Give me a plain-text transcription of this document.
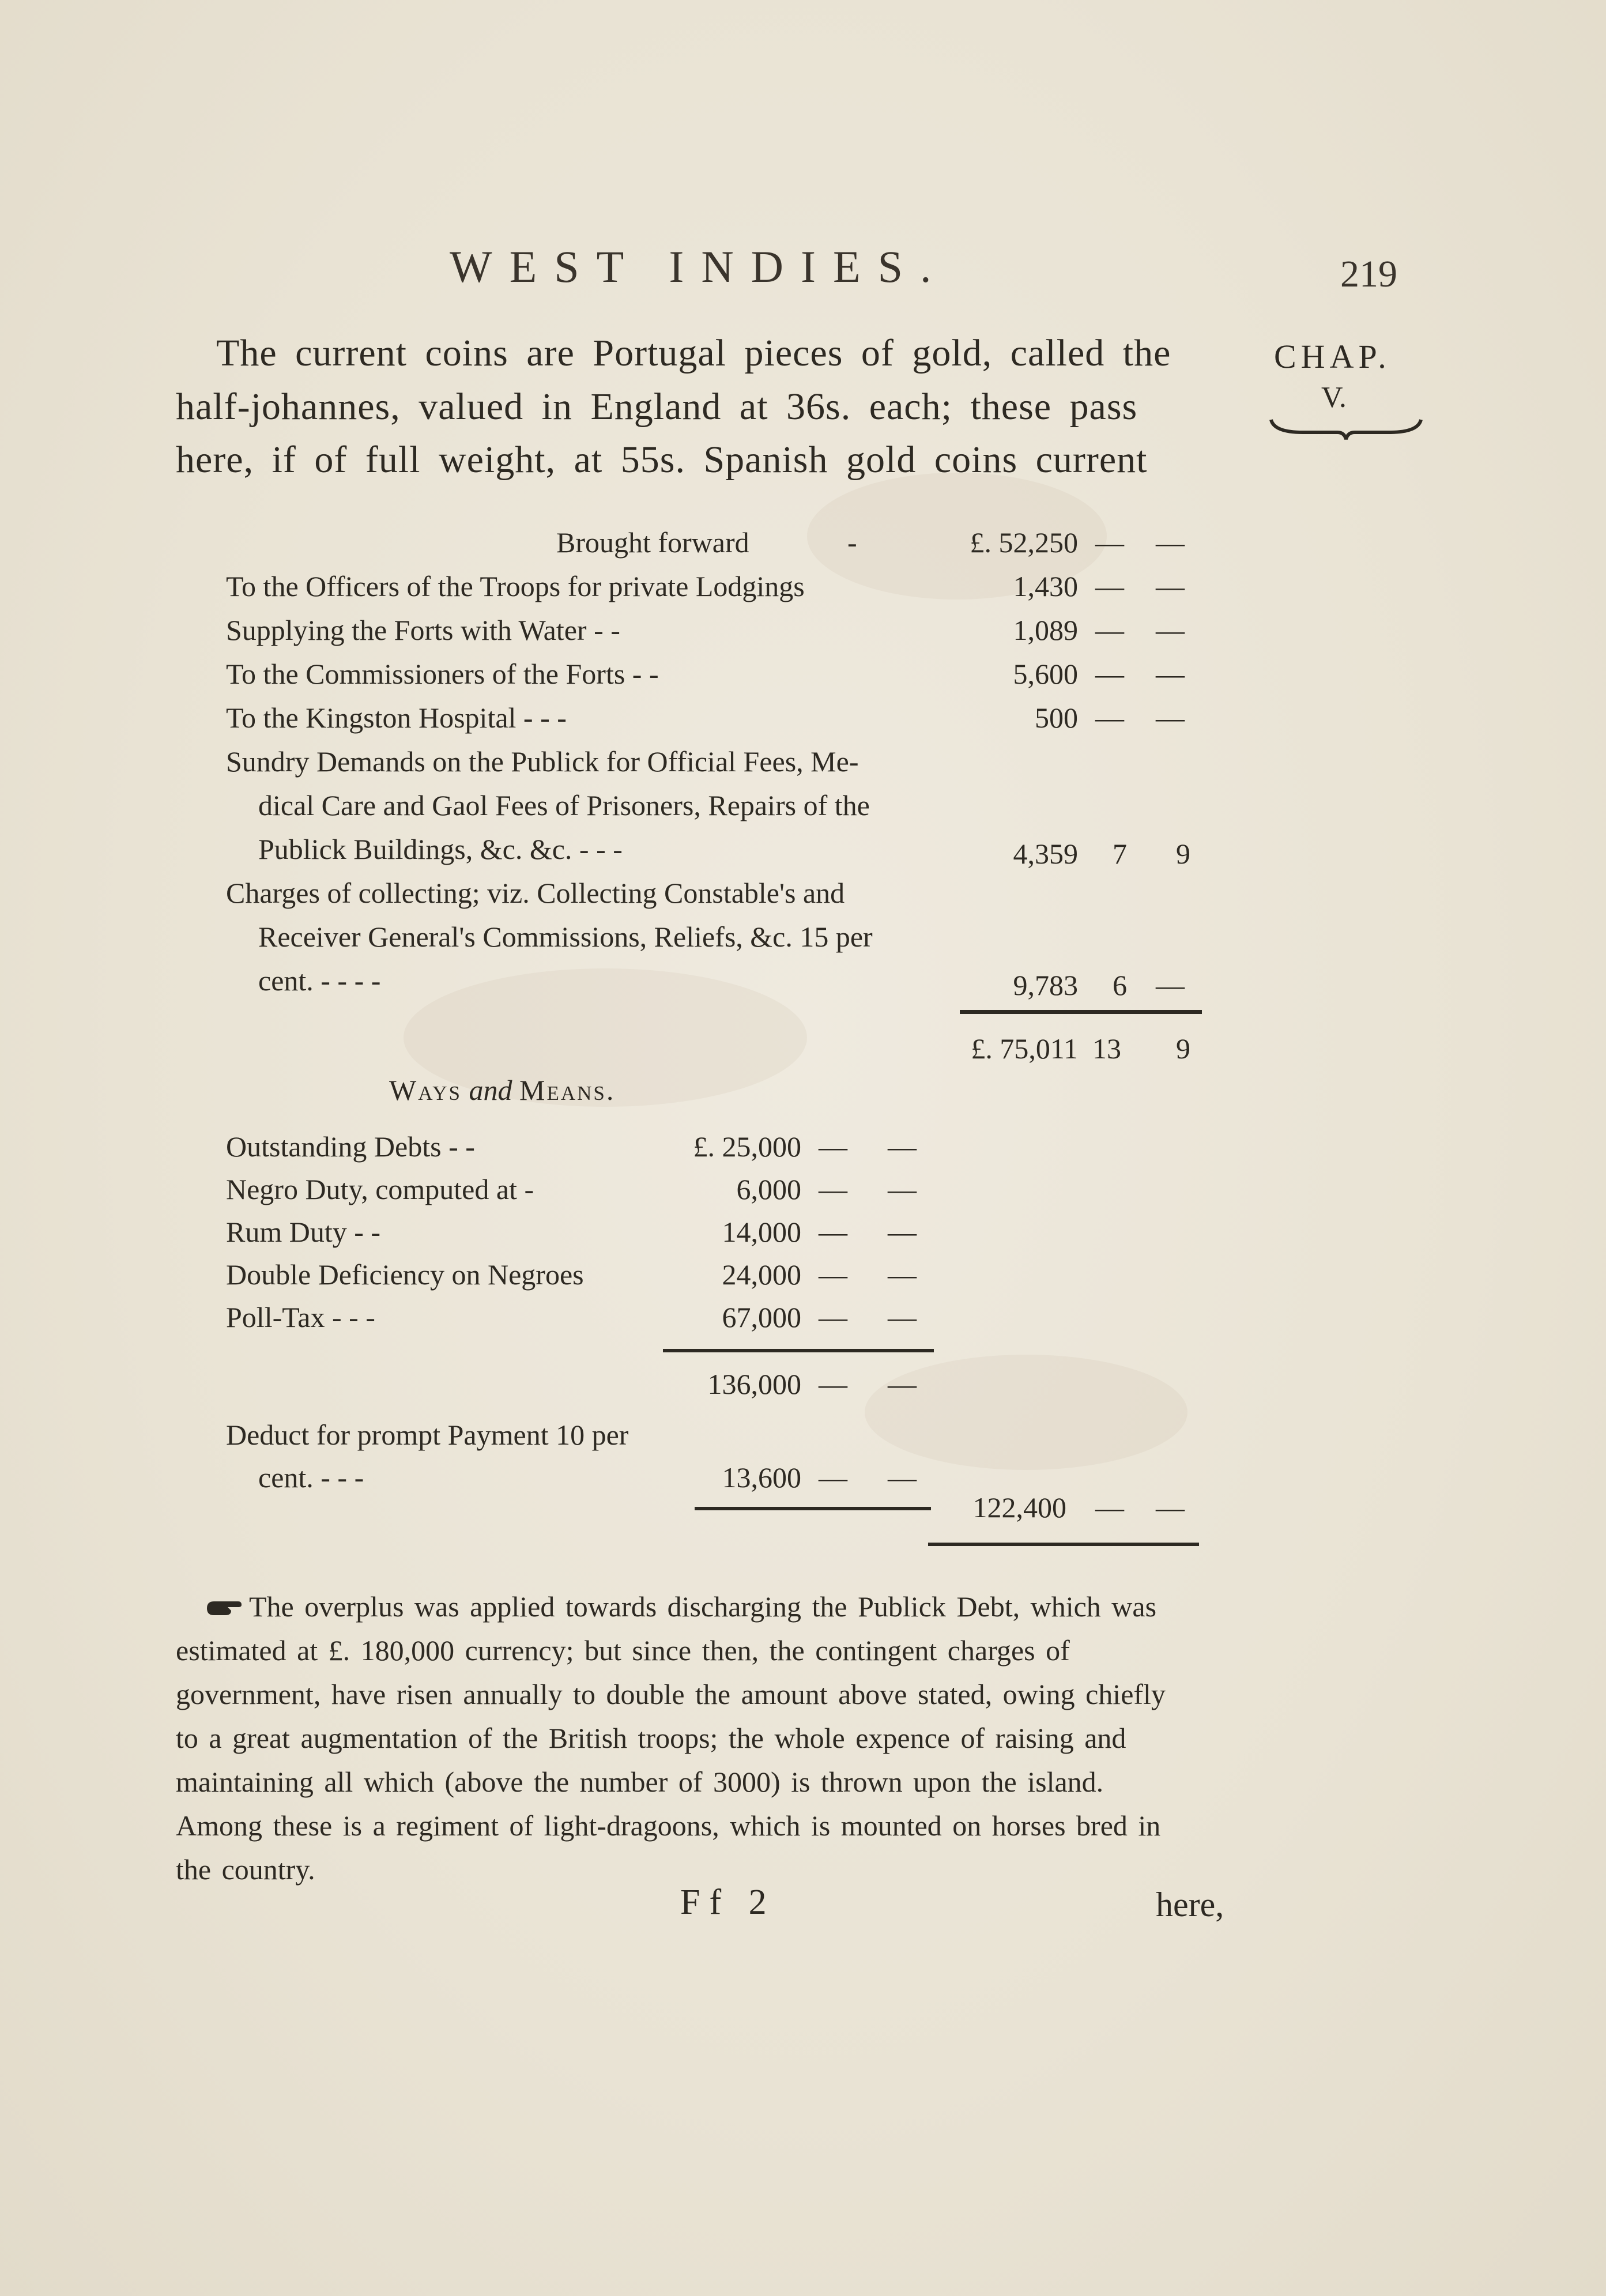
WEST INDIES.	219
The current coins are Portugal pieces of gold, called the
half-johannes, valued in England at 36s. each; these pass
here, if of full weight, at 55s. Spanish gold coins current
CHAP.
V.
Brought forward	-	£. 52,250 — —
To the Officers of the Troops for private Lodgings	1,430 — —
Supplying the Forts with Water - -	1,089 — —
To the Commissioners of the Forts - -	5,600 — —
To the Kingston Hospital - - -	500 — —
Sundry Demands on the Publick for Official Fees, Me-
dical Care and Gaol Fees of Prisoners, Repairs of the
Publick Buildings, &c. &c. - - -	4,359 7 9
Charges of collecting; viz. Collecting Constable's and
Receiver General's Commissions, Reliefs, &c. 15 per
cent. - - - -	9,783 6 —
£. 75,011 13 9
Ways and Means.
Outstanding Debts - -	£. 25,000 — —
Negro Duty, computed at -	6,000 — —
Rum Duty - -	14,000 — —
Double Deficiency on Negroes	24,000 — —
Poll-Tax - - -	67,000 — —
136,000 — —
Deduct for prompt Payment 10 per
cent. - - -	13,600 — —
122,400 — —
The overplus was applied towards discharging the Publick Debt, which was
estimated at £. 180,000 currency; but since then, the contingent charges of
government, have risen annually to double the amount above stated, owing chiefly
to a great augmentation of the British troops; the whole expence of raising and
maintaining all which (above the number of 3000) is thrown upon the island.
Among these is a regiment of light-dragoons, which is mounted on horses bred in
the country.
Ff 2	here,
